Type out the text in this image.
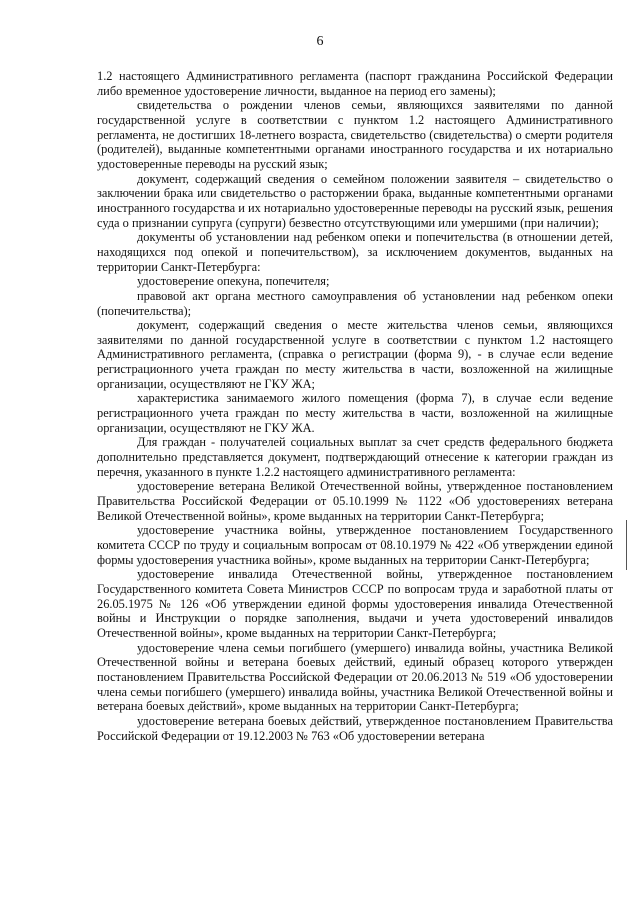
6

1.2 настоящего Административного регламента (паспорт гражданина Российской Федерации либо временное удостоверение личности, выданное на период его замены);

свидетельства о рождении членов семьи, являющихся заявителями по данной государственной услуге в соответствии с пунктом 1.2 настоящего Административного регламента, не достигших 18-летнего возраста, свидетельство (свидетельства) о смерти родителя (родителей), выданные компетентными органами иностранного государства и их нотариально удостоверенные переводы на русский язык;

документ, содержащий сведения о семейном положении заявителя – свидетельство о заключении брака или свидетельство о расторжении брака, выданные компетентными органами иностранного государства и их нотариально удостоверенные переводы на русский язык, решения суда о признании супруга (супруги) безвестно отсутствующими или умершими (при наличии);

документы об установлении над ребенком опеки и попечительства (в отношении детей, находящихся под опекой и попечительством), за исключением документов, выданных на территории Санкт-Петербурга:

удостоверение опекуна, попечителя;

правовой акт органа местного самоуправления об установлении над ребенком опеки (попечительства);

документ, содержащий сведения о месте жительства членов семьи, являющихся заявителями по данной государственной услуге в соответствии с пунктом 1.2 настоящего Административного регламента, (справка о регистрации (форма 9), - в случае если ведение регистрационного учета граждан по месту жительства в части, возложенной на жилищные организации, осуществляют не ГКУ ЖА;

характеристика занимаемого жилого помещения (форма 7), в случае если ведение регистрационного учета граждан по месту жительства в части, возложенной на жилищные организации, осуществляют не ГКУ ЖА.

Для граждан - получателей социальных выплат за счет средств федерального бюджета дополнительно представляется документ, подтверждающий отнесение к категории граждан из перечня, указанного в пункте 1.2.2 настоящего административного регламента:

удостоверение ветерана Великой Отечественной войны, утвержденное постановлением Правительства Российской Федерации от 05.10.1999 № 1122 «Об удостоверениях ветерана Великой Отечественной войны», кроме выданных на территории Санкт-Петербурга;

удостоверение участника войны, утвержденное постановлением Государственного комитета СССР по труду и социальным вопросам от 08.10.1979 № 422 «Об утверждении единой формы удостоверения участника войны», кроме выданных на территории Санкт-Петербурга;

удостоверение инвалида Отечественной войны, утвержденное постановлением Государственного комитета Совета Министров СССР по вопросам труда и заработной платы от 26.05.1975 № 126 «Об утверждении единой формы удостоверения инвалида Отечественной войны и Инструкции о порядке заполнения, выдачи и учета удостоверений инвалидов Отечественной войны», кроме выданных на территории Санкт-Петербурга;

удостоверение члена семьи погибшего (умершего) инвалида войны, участника Великой Отечественной войны и ветерана боевых действий, единый образец которого утвержден постановлением Правительства Российской Федерации от 20.06.2013 № 519 «Об удостоверении члена семьи погибшего (умершего) инвалида войны, участника Великой Отечественной войны и ветерана боевых действий», кроме выданных на территории Санкт-Петербурга;

удостоверение ветерана боевых действий, утвержденное постановлением Правительства Российской Федерации от 19.12.2003 № 763 «Об удостоверении ветерана
